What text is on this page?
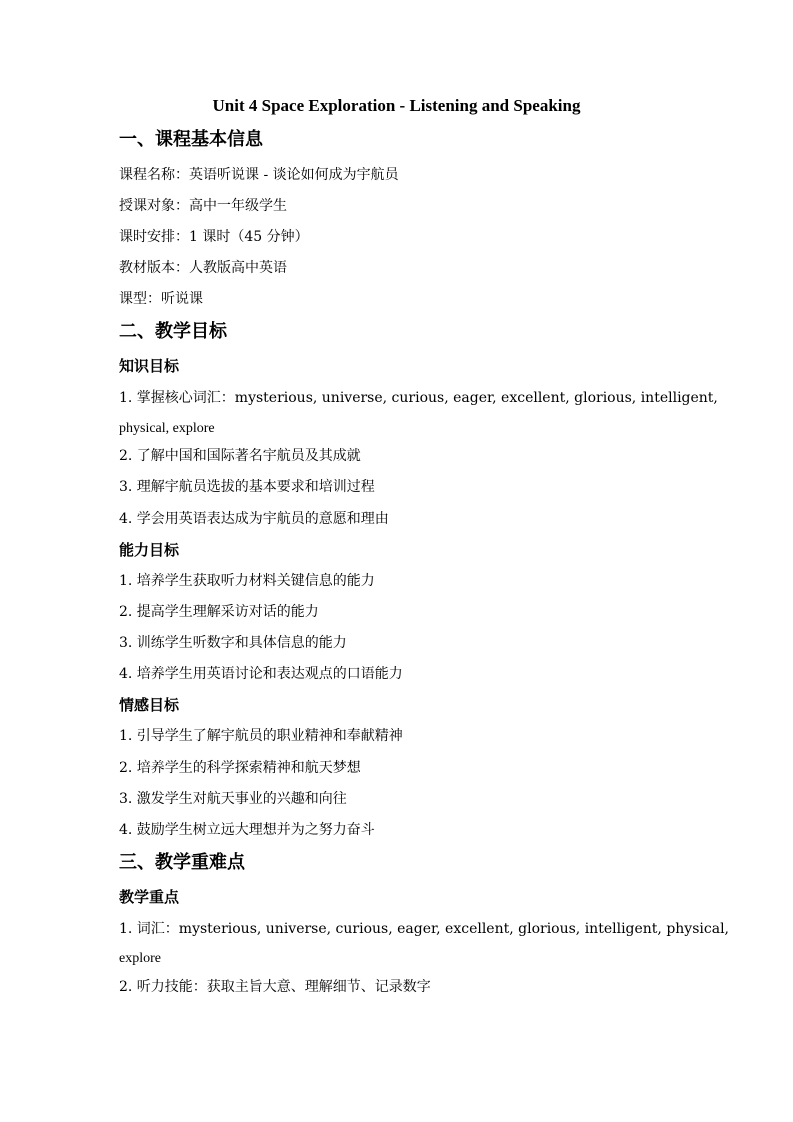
Unit 4 Space Exploration - Listening and Speaking
一、课程基本信息
课程名称：英语听说课 - 谈论如何成为宇航员
授课对象：高中一年级学生
课时安排：1 课时（45 分钟）
教材版本：人教版高中英语
课型：听说课
二、教学目标
知识目标
1. 掌握核心词汇：mysterious, universe, curious, eager, excellent, glorious, intelligent,
physical, explore
2. 了解中国和国际著名宇航员及其成就
3. 理解宇航员选拔的基本要求和培训过程
4. 学会用英语表达成为宇航员的意愿和理由
能力目标
1. 培养学生获取听力材料关键信息的能力
2. 提高学生理解采访对话的能力
3. 训练学生听数字和具体信息的能力
4. 培养学生用英语讨论和表达观点的口语能力
情感目标
1. 引导学生了解宇航员的职业精神和奉献精神
2. 培养学生的科学探索精神和航天梦想
3. 激发学生对航天事业的兴趣和向往
4. 鼓励学生树立远大理想并为之努力奋斗
三、教学重难点
教学重点
1. 词汇：mysterious, universe, curious, eager, excellent, glorious, intelligent, physical,
explore
2. 听力技能：获取主旨大意、理解细节、记录数字
